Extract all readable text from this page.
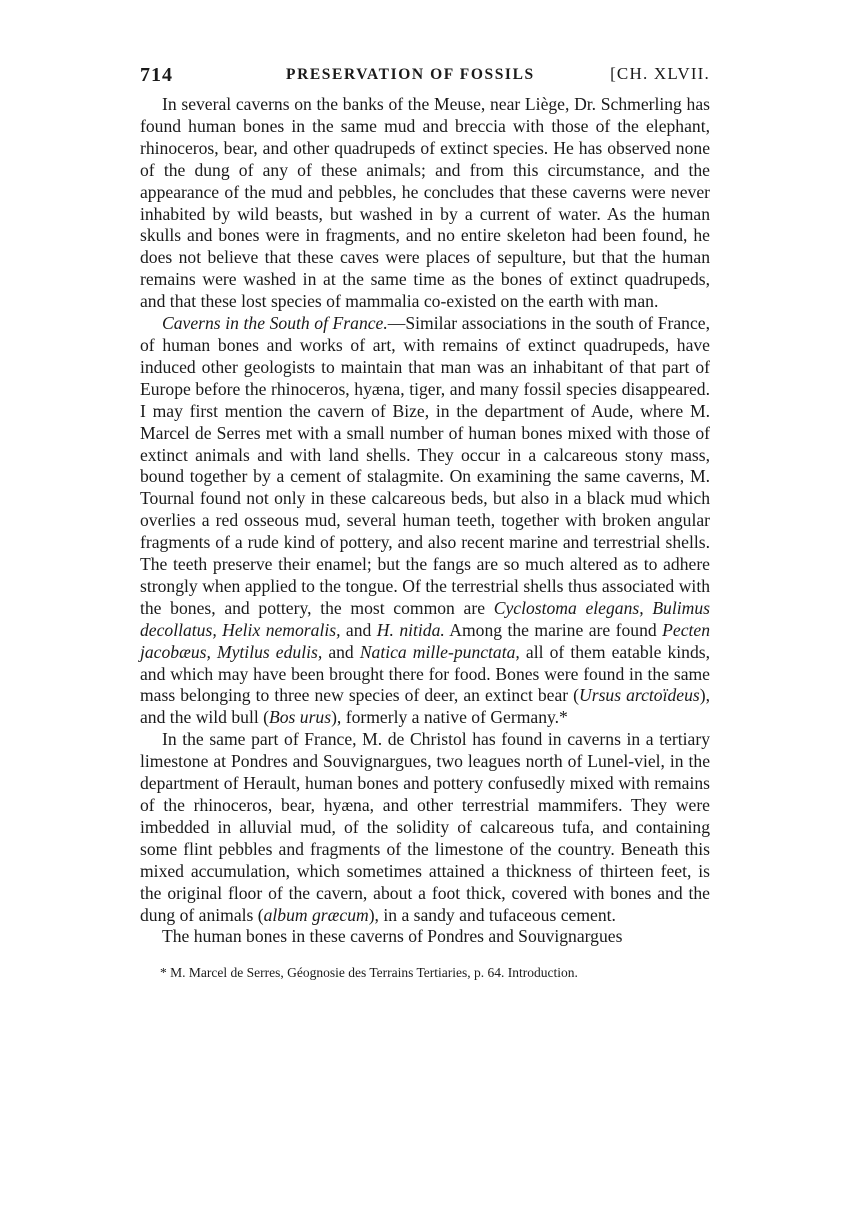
714	PRESERVATION OF FOSSILS	[CH. XLVII.

In several caverns on the banks of the Meuse, near Liège, Dr. Schmerling has found human bones in the same mud and breccia with those of the elephant, rhinoceros, bear, and other quadrupeds of extinct species. He has observed none of the dung of any of these animals; and from this circumstance, and the appearance of the mud and pebbles, he concludes that these caverns were never inhabited by wild beasts, but washed in by a current of water. As the human skulls and bones were in fragments, and no entire skeleton had been found, he does not believe that these caves were places of sepulture, but that the human remains were washed in at the same time as the bones of extinct quadrupeds, and that these lost species of mammalia co-existed on the earth with man.

Caverns in the South of France.—Similar associations in the south of France, of human bones and works of art, with remains of extinct quadrupeds, have induced other geologists to maintain that man was an inhabitant of that part of Europe before the rhinoceros, hyæna, tiger, and many fossil species disappeared. I may first mention the cavern of Bize, in the department of Aude, where M. Marcel de Serres met with a small number of human bones mixed with those of extinct animals and with land shells. They occur in a calcareous stony mass, bound together by a cement of stalagmite. On examining the same caverns, M. Tournal found not only in these calcareous beds, but also in a black mud which overlies a red osseous mud, several human teeth, together with broken angular fragments of a rude kind of pottery, and also recent marine and terrestrial shells. The teeth preserve their enamel; but the fangs are so much altered as to adhere strongly when applied to the tongue. Of the terrestrial shells thus associated with the bones, and pottery, the most common are Cyclostoma elegans, Bulimus decollatus, Helix nemoralis, and H. nitida. Among the marine are found Pecten jacobæus, Mytilus edulis, and Natica mille-punctata, all of them eatable kinds, and which may have been brought there for food. Bones were found in the same mass belonging to three new species of deer, an extinct bear (Ursus arctoïdeus), and the wild bull (Bos urus), formerly a native of Germany.*

In the same part of France, M. de Christol has found in caverns in a tertiary limestone at Pondres and Souvignargues, two leagues north of Lunel-viel, in the department of Herault, human bones and pottery confusedly mixed with remains of the rhinoceros, bear, hyæna, and other terrestrial mammifers. They were imbedded in alluvial mud, of the solidity of calcareous tufa, and containing some flint pebbles and fragments of the limestone of the country. Beneath this mixed accumulation, which sometimes attained a thickness of thirteen feet, is the original floor of the cavern, about a foot thick, covered with bones and the dung of animals (album græcum), in a sandy and tufaceous cement.

The human bones in these caverns of Pondres and Souvignargues

* M. Marcel de Serres, Géognosie des Terrains Tertiaries, p. 64. Introduction.
